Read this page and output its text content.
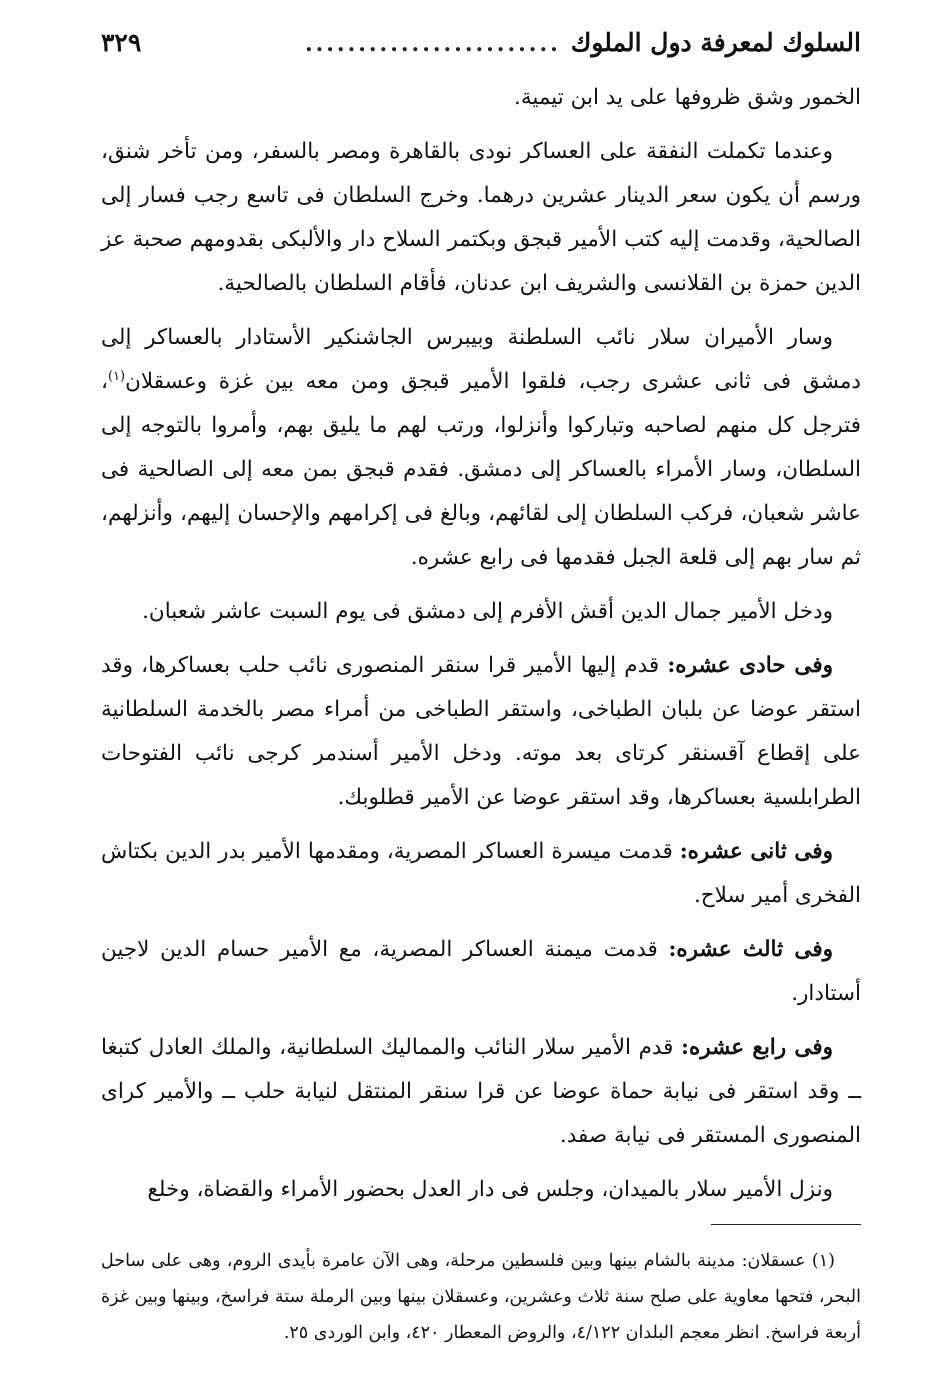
السلوك لمعرفة دول الملوك
........................
٣٢٩

الخمور وشق ظروفها على يد ابن تيمية.

وعندما تكملت النفقة على العساكر نودى بالقاهرة ومصر بالسفر، ومن تأخر شنق، ورسم أن يكون سعر الدينار عشرين درهما. وخرج السلطان فى تاسع رجب فسار إلى الصالحية، وقدمت إليه كتب الأمير قبجق وبكتمر السلاح دار والألبكى بقدومهم صحبة عز الدين حمزة بن القلانسى والشريف ابن عدنان، فأقام السلطان بالصالحية.

وسار الأميران سلار نائب السلطنة وبيبرس الجاشنكير الأستادار بالعساكر إلى دمشق فى ثانى عشرى رجب، فلقوا الأمير قبجق ومن معه بين غزة وعسقلان$^{(١)}$، فترجل كل منهم لصاحبه وتباركوا وأنزلوا، ورتب لهم ما يليق بهم، وأمروا بالتوجه إلى السلطان، وسار الأمراء بالعساكر إلى دمشق. فقدم قبجق بمن معه إلى الصالحية فى عاشر شعبان، فركب السلطان إلى لقائهم، وبالغ فى إكرامهم والإحسان إليهم، وأنزلهم، ثم سار بهم إلى قلعة الجبل فقدمها فى رابع عشره.

ودخل الأمير جمال الدين أقش الأفرم إلى دمشق فى يوم السبت عاشر شعبان.

وفى حادى عشره: قدم إليها الأمير قرا سنقر المنصورى نائب حلب بعساكرها، وقد استقر عوضا عن بلبان الطباخى، واستقر الطباخى من أمراء مصر بالخدمة السلطانية على إقطاع آقسنقر كرتاى بعد موته. ودخل الأمير أسندمر كرجى نائب الفتوحات الطرابلسية بعساكرها، وقد استقر عوضا عن الأمير قطلوبك.

وفى ثانى عشره: قدمت ميسرة العساكر المصرية، ومقدمها الأمير بدر الدين بكتاش الفخرى أمير سلاح.

وفى ثالث عشره: قدمت ميمنة العساكر المصرية، مع الأمير حسام الدين لاجين أستادار.

وفى رابع عشره: قدم الأمير سلار النائب والمماليك السلطانية، والملك العادل كتبغا ــ وقد استقر فى نيابة حماة عوضا عن قرا سنقر المنتقل لنيابة حلب ــ والأمير كراى المنصورى المستقر فى نيابة صفد.

ونزل الأمير سلار بالميدان، وجلس فى دار العدل بحضور الأمراء والقضاة، وخلع

(١) عسقلان: مدينة بالشام بينها وبين فلسطين مرحلة، وهى الآن عامرة بأيدى الروم، وهى على ساحل البحر، فتحها معاوية على صلح سنة ثلاث وعشرين، وعسقلان بينها وبين الرملة ستة فراسخ، وبينها وبين غزة أربعة فراسخ. انظر معجم البلدان ٤/١٢٢، والروض المعطار ٤٢٠، وابن الوردى ٢٥.
